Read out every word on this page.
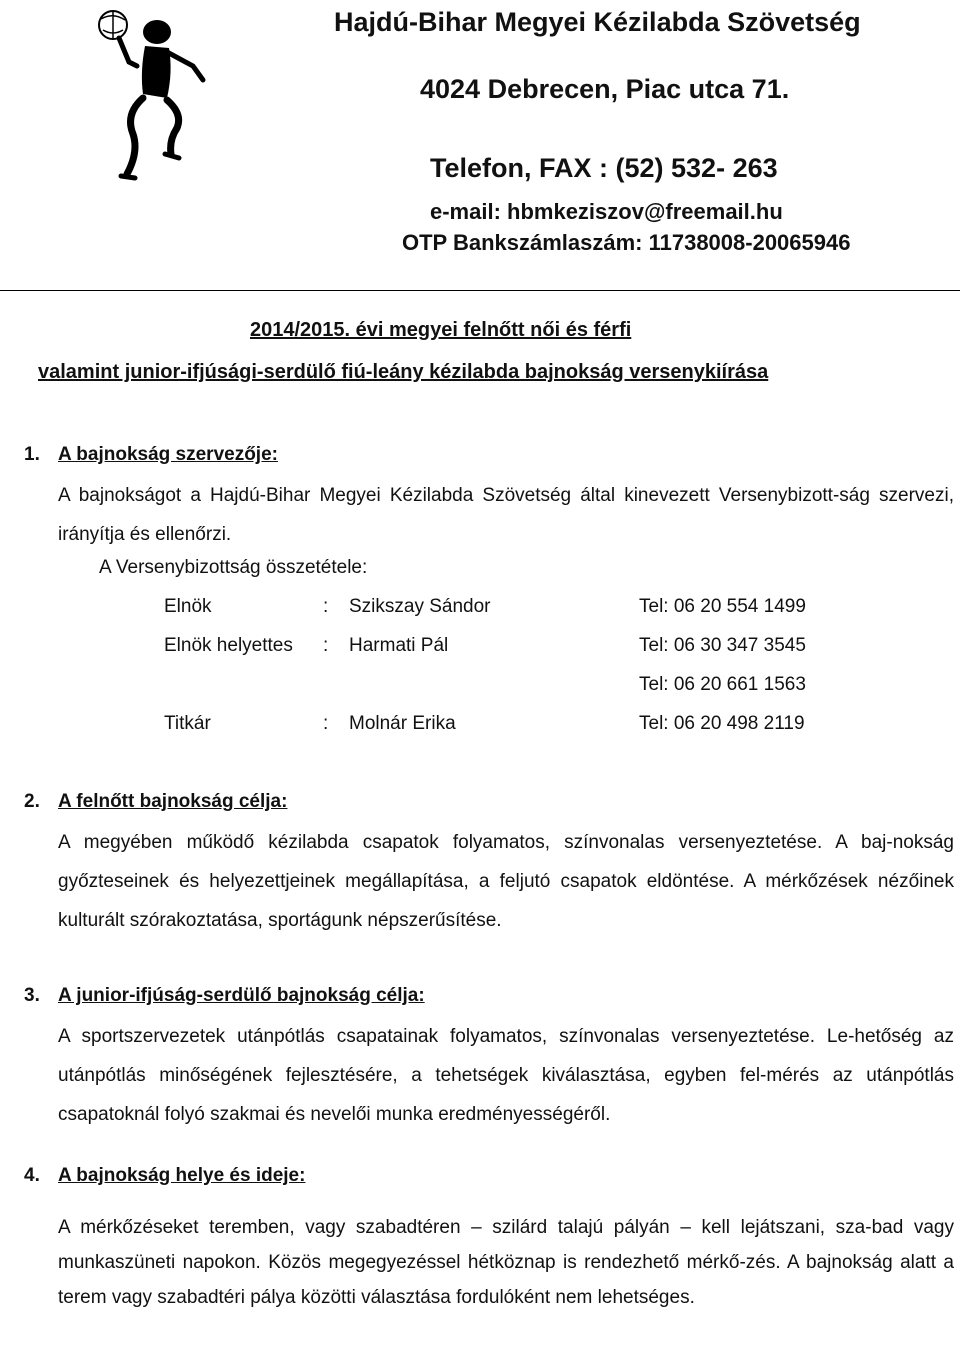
Hajdú-Bihar Megyei Kézilabda Szövetség
4024 Debrecen, Piac utca 71.
Telefon, FAX : (52) 532- 263
e-mail: hbmkeziszov@freemail.hu
OTP Bankszámlaszám: 11738008-20065946
2014/2015. évi megyei felnőtt női és férfi
valamint junior-ifjúsági-serdülő fiú-leány kézilabda bajnokság versenykiírása
1. A bajnokság szervezője:

A bajnokságot a Hajdú-Bihar Megyei Kézilabda Szövetség által kinevezett Versenybizott-ság szervezi, irányítja és ellenőrzi.

A Versenybizottság összetétele:
Elnök	: Szikszay Sándor	Tel: 06 20 554 1499
Elnök helyettes : Harmati Pál	Tel: 06 30 347 3545
Tel: 06 20 661 1563
Titkár	: Molnár Erika	Tel: 06 20 498 2119
2. A felnőtt bajnokság célja:

A megyében működő kézilabda csapatok folyamatos, színvonalas versenyeztetése. A baj-nokság győzteseinek és helyezettjeinek megállapítása, a feljutó csapatok eldöntése. A mérkőzések nézőinek kulturált szórakoztatása, sportágunk népszerűsítése.

3. A junior-ifjúság-serdülő bajnokság célja:

A sportszervezetek utánpótlás csapatainak folyamatos, színvonalas versenyeztetése. Le-hetőség az utánpótlás minőségének fejlesztésére, a tehetségek kiválasztása, egyben fel-mérés az utánpótlás csapatoknál folyó szakmai és nevelői munka eredményességéről.

4. A bajnokság helye és ideje:

A mérkőzéseket teremben, vagy szabadtéren – szilárd talajú pályán – kell lejátszani, sza-bad vagy munkaszüneti napokon. Közös megegyezéssel hétköznap is rendezhető mérkő-zés. A bajnokság alatt a terem vagy szabadtéri pálya közötti választása fordulóként nem lehetséges.
